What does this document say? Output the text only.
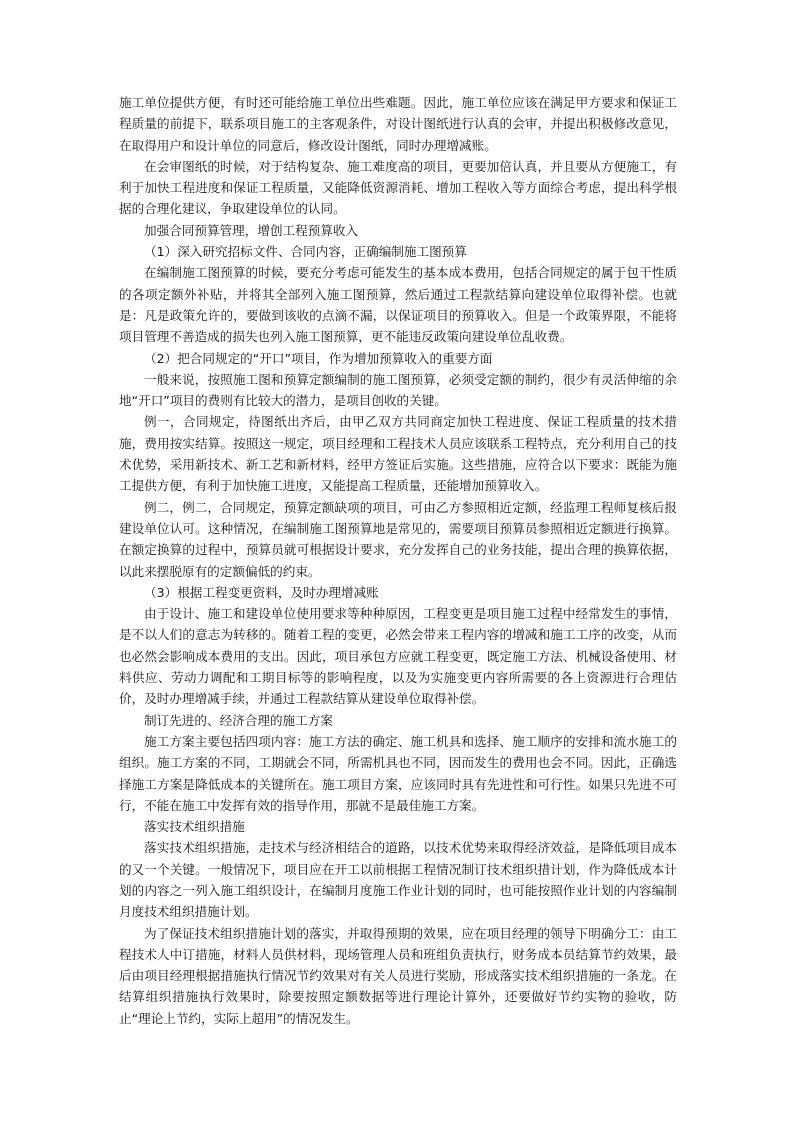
施工单位提供方便，有时还可能给施工单位出些难题。因此，施工单位应该在满足甲方要求和保证工程质量的前提下，联系项目施工的主客观条件，对设计图纸进行认真的会审，并提出积极修改意见，在取得用户和设计单位的同意后，修改设计图纸，同时办理增减账。

在会审图纸的时候，对于结构复杂、施工难度高的项目，更要加倍认真，并且要从方便施工，有利于加快工程进度和保证工程质量，又能降低资源消耗、增加工程收入等方面综合考虑，提出科学根据的合理化建议，争取建设单位的认同。

加强合同预算管理，增创工程预算收入

（1）深入研究招标文件、合同内容，正确编制施工图预算

在编制施工图预算的时候，要充分考虑可能发生的基本成本费用，包括合同规定的属于包干性质的各项定额外补贴，并将其全部列入施工图预算，然后通过工程款结算向建设单位取得补偿。也就是：凡是政策允许的，要做到该收的点滴不漏，以保证项目的预算收入。但是一个政策界限，不能将项目管理不善造成的损失也列入施工图预算，更不能违反政策向建设单位乱收费。

（2）把合同规定的“开口”项目，作为增加预算收入的重要方面

一般来说，按照施工图和预算定额编制的施工图预算，必须受定额的制约，很少有灵活伸缩的余地“开口”项目的费则有比较大的潜力，是项目创收的关键。

例一，合同规定，待图纸出齐后，由甲乙双方共同商定加快工程进度、保证工程质量的技术措施，费用按实结算。按照这一规定，项目经理和工程技术人员应该联系工程特点，充分利用自己的技术优势，采用新技术、新工艺和新材料，经甲方签证后实施。这些措施，应符合以下要求：既能为施工提供方便，有利于加快施工进度，又能提高工程质量，还能增加预算收入。

例二，例二，合同规定，预算定额缺项的项目，可由乙方参照相近定额，经监理工程师复核后报建设单位认可。这种情况，在编制施工图预算地是常见的，需要项目预算员参照相近定额进行换算。在额定换算的过程中，预算员就可根据设计要求，充分发挥自己的业务技能，提出合理的换算依据，以此来摆脱原有的定额偏低的约束。

（3）根据工程变更资料，及时办理增减账

由于设计、施工和建设单位使用要求等种种原因，工程变更是项目施工过程中经常发生的事情，是不以人们的意志为转移的。随着工程的变更，必然会带来工程内容的增减和施工工序的改变，从而也必然会影响成本费用的支出。因此，项目承包方应就工程变更，既定施工方法、机械设备使用、材料供应、劳动力调配和工期目标等的影响程度，以及为实施变更内容所需要的各上资源进行合理估价，及时办理增减手续，并通过工程款结算从建设单位取得补偿。

制订先进的、经济合理的施工方案

施工方案主要包括四项内容：施工方法的确定、施工机具和选择、施工顺序的安排和流水施工的组织。施工方案的不同，工期就会不同，所需机具也不同，因而发生的费用也会不同。因此，正确选择施工方案是降低成本的关键所在。施工项目方案，应该同时具有先进性和可行性。如果只先进不可行，不能在施工中发挥有效的指导作用，那就不是最佳施工方案。

落实技术组织措施

落实技术组织措施，走技术与经济相结合的道路，以技术优势来取得经济效益，是降低项目成本的又一个关键。一般情况下，项目应在开工以前根据工程情况制订技术组织措计划，作为降低成本计划的内容之一列入施工组织设计，在编制月度施工作业计划的同时，也可能按照作业计划的内容编制月度技术组织措施计划。

为了保证技术组织措施计划的落实，并取得预期的效果，应在项目经理的领导下明确分工：由工程技术人中订措施，材料人员供材料，现场管理人员和班组负责执行，财务成本员结算节约效果，最后由项目经理根据措施执行情况节约效果对有关人员进行奖励，形成落实技术组织措施的一条龙。在结算组织措施执行效果时，除要按照定额数据等进行理论计算外，还要做好节约实物的验收，防止“理论上节约，实际上超用”的情况发生。
